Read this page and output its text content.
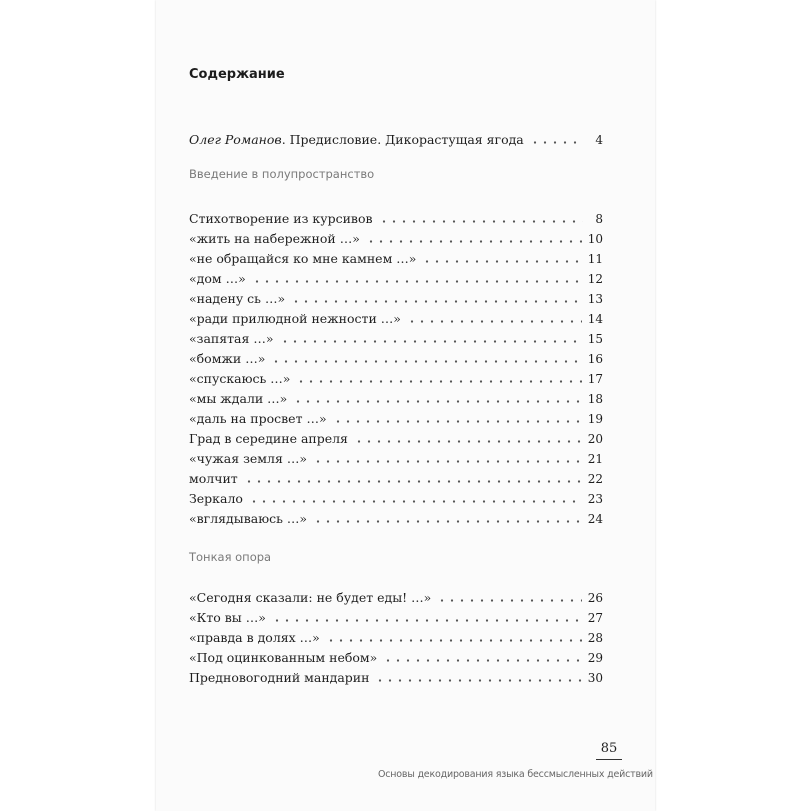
Содержание
Олег Романов. Предисловие. Дикорастущая ягода	4
Введение в полупространство
Стихотворение из курсивов	8
«жить на набережной …»	10
«не обращайся ко мне камнем …»	11
«дом …»	12
«надену сь …»	13
«ради прилюдной нежности …»	14
«запятая …»	15
«бомжи …»	16
«спускаюсь …»	17
«мы ждали …»	18
«даль на просвет …»	19
Град в середине апреля	20
«чужая земля …»	21
молчит	22
Зеркало	23
«вглядываюсь …»	24
Тонкая опора
«Сегодня сказали: не будет еды! …»	26
«Кто вы …»	27
«правда в долях …»	28
«Под оцинкованным небом»	29
Предновогодний мандарин	30
85
Основы декодирования языка бессмысленных действий
